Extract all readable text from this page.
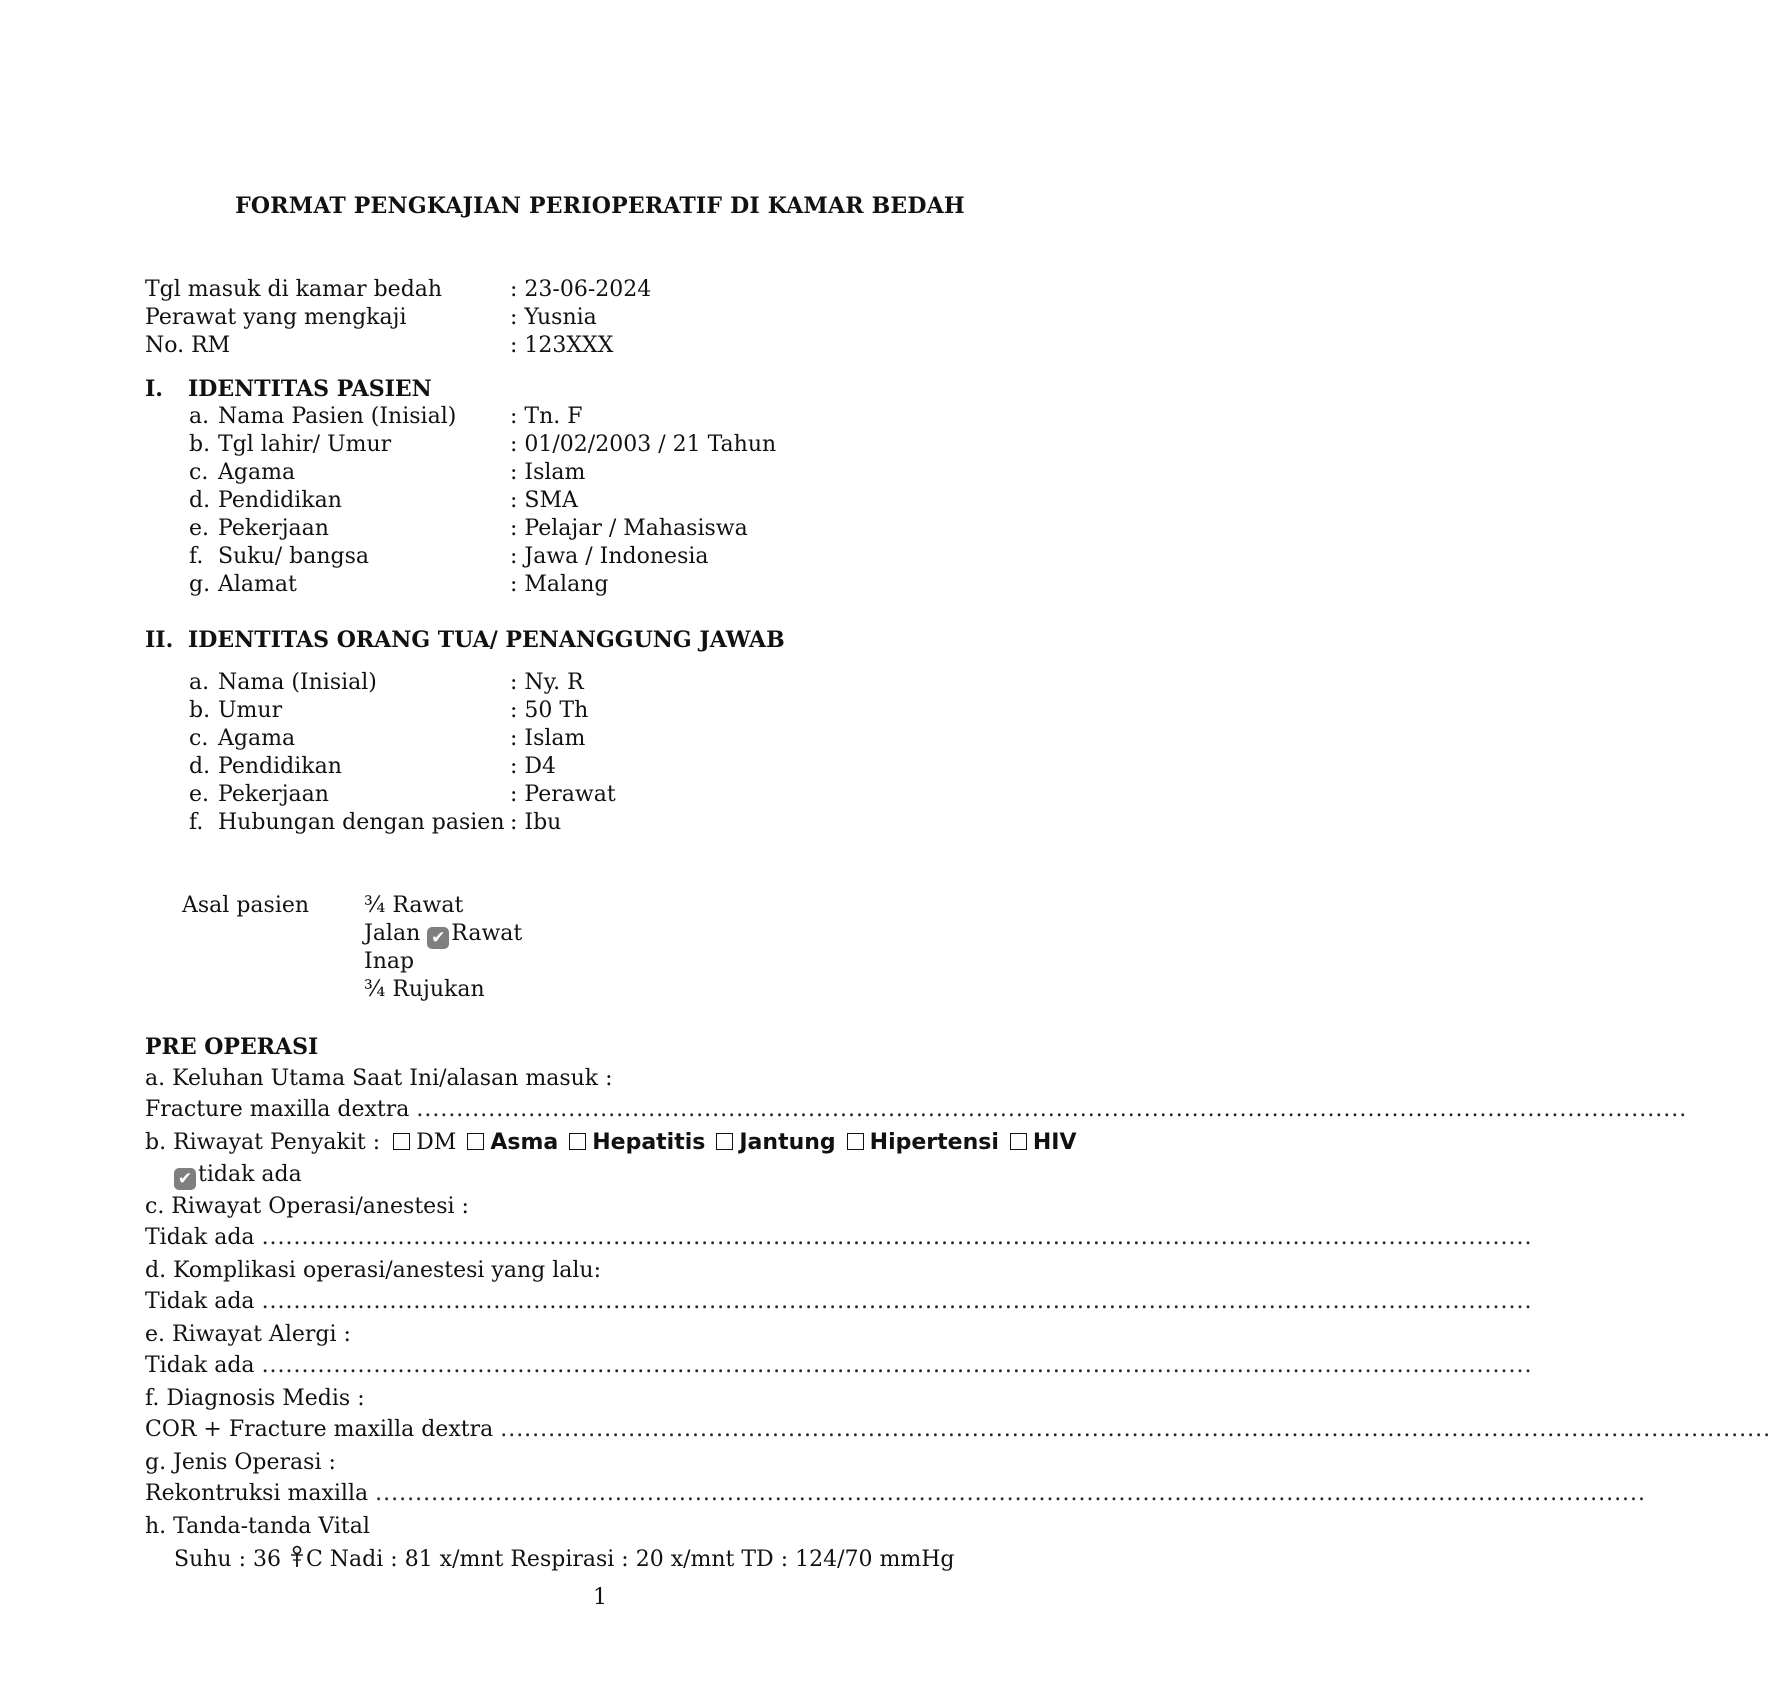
FORMAT PENGKAJIAN PERIOPERATIF DI KAMAR BEDAH
Tgl masuk di kamar bedah	: 23-06-2024
Perawat yang mengkaji	: Yusnia
No. RM	: 123XXX
I. IDENTITAS PASIEN
a. Nama Pasien (Inisial) : Tn. F
b. Tgl lahir/ Umur	: 01/02/2003 / 21 Tahun
c. Agama	: Islam
d. Pendidikan	: SMA
e. Pekerjaan	: Pelajar / Mahasiswa
f. Suku/ bangsa	: Jawa / Indonesia
g. Alamat	: Malang
II. IDENTITAS ORANG TUA/ PENANGGUNG JAWAB
a. Nama (Inisial)	: Ny. R
b. Umur	: 50 Th
c. Agama	: Islam
d. Pendidikan	: D4
e. Pekerjaan	: Perawat
f. Hubungan dengan pasien : Ibu
Asal pasien ¾ Rawat
Jalan ✔ Rawat
Inap
¾ Rujukan
PRE OPERASI
a. Keluhan Utama Saat Ini/alasan masuk :
Fracture maxilla dextra ...............................................................................................................................................................
b. Riwayat Penyakit : DM Asma Hepatitis Jantung Hipertensi HIV
✔ tidak ada
c. Riwayat Operasi/anestesi :
Tidak ada ...............................................................................................................................................................
d. Komplikasi operasi/anestesi yang lalu:
Tidak ada ...............................................................................................................................................................
e. Riwayat Alergi :
Tidak ada ...............................................................................................................................................................
f. Diagnosis Medis :
COR + Fracture maxilla dextra ...............................................................................................................................................................
g. Jenis Operasi :
Rekontruksi maxilla ...............................................................................................................................................................
h. Tanda-tanda Vital
Suhu : 36 C Nadi : 81 x/mnt Respirasi : 20 x/mnt TD : 124/70 mmHg
1
